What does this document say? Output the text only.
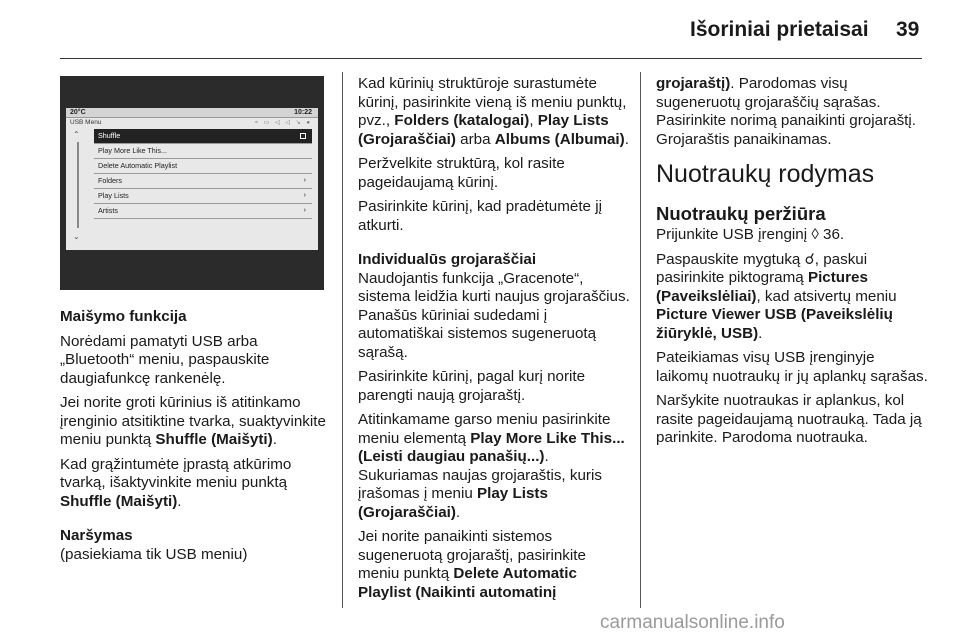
Išoriniai prietaisai 39
20°C	10:22
USB Menu	≈ ▭ ◁ ◁ ↘ ●
⌃
⌄
Shuffle
Play More Like This...
Delete Automatic Playlist
Folders	›
Play Lists	›
Artists	›

Maišymo funkcija

Norėdami pamatyti USB arba „Bluetooth“ meniu, paspauskite daugiafunkcę rankenėlę.

Jei norite groti kūrinius iš atitinkamo įrenginio atsitiktine tvarka, suaktyvinkite meniu punktą Shuffle (Maišyti).

Kad grąžintumėte įprastą atkūrimo tvarką, išaktyvinkite meniu punktą Shuffle (Maišyti).

Naršymas

(pasiekiama tik USB meniu)

Kad kūrinių struktūroje surastumėte kūrinį, pasirinkite vieną iš meniu punktų, pvz., Folders (katalogai), Play Lists (Grojaraščiai) arba Albums (Albumai).

Peržvelkite struktūrą, kol rasite pageidaujamą kūrinį.

Pasirinkite kūrinį, kad pradėtumėte jį atkurti.

Individualūs grojaraščiai

Naudojantis funkcija „Gracenote“, sistema leidžia kurti naujus grojaraščius. Panašūs kūriniai sudedami į automatiškai sistemos sugeneruotą sąrašą.

Pasirinkite kūrinį, pagal kurį norite parengti naują grojaraštį.

Atitinkamame garso meniu pasirinkite meniu elementą Play More Like This... (Leisti daugiau panašių...). Sukuriamas naujas grojaraštis, kuris įrašomas į meniu Play Lists (Grojaraščiai).

Jei norite panaikinti sistemos sugeneruotą grojaraštį, pasirinkite meniu punktą Delete Automatic Playlist (Naikinti automatinį

grojaraštį). Parodomas visų sugeneruotų grojaraščių sąrašas. Pasirinkite norimą panaikinti grojaraštį. Grojaraštis panaikinamas.

Nuotraukų rodymas

Nuotraukų peržiūra

Prijunkite USB įrenginį ◊ 36.

Paspauskite mygtuką ☌, paskui pasirinkite piktogramą Pictures (Paveikslėliai), kad atsivertų meniu Picture Viewer USB (Paveikslėlių žiūryklė, USB).

Pateikiamas visų USB įrenginyje laikomų nuotraukų ir jų aplankų sąrašas.

Naršykite nuotraukas ir aplankus, kol rasite pageidaujamą nuotrauką. Tada ją parinkite. Parodoma nuotrauka.

carmanualsonline.info
